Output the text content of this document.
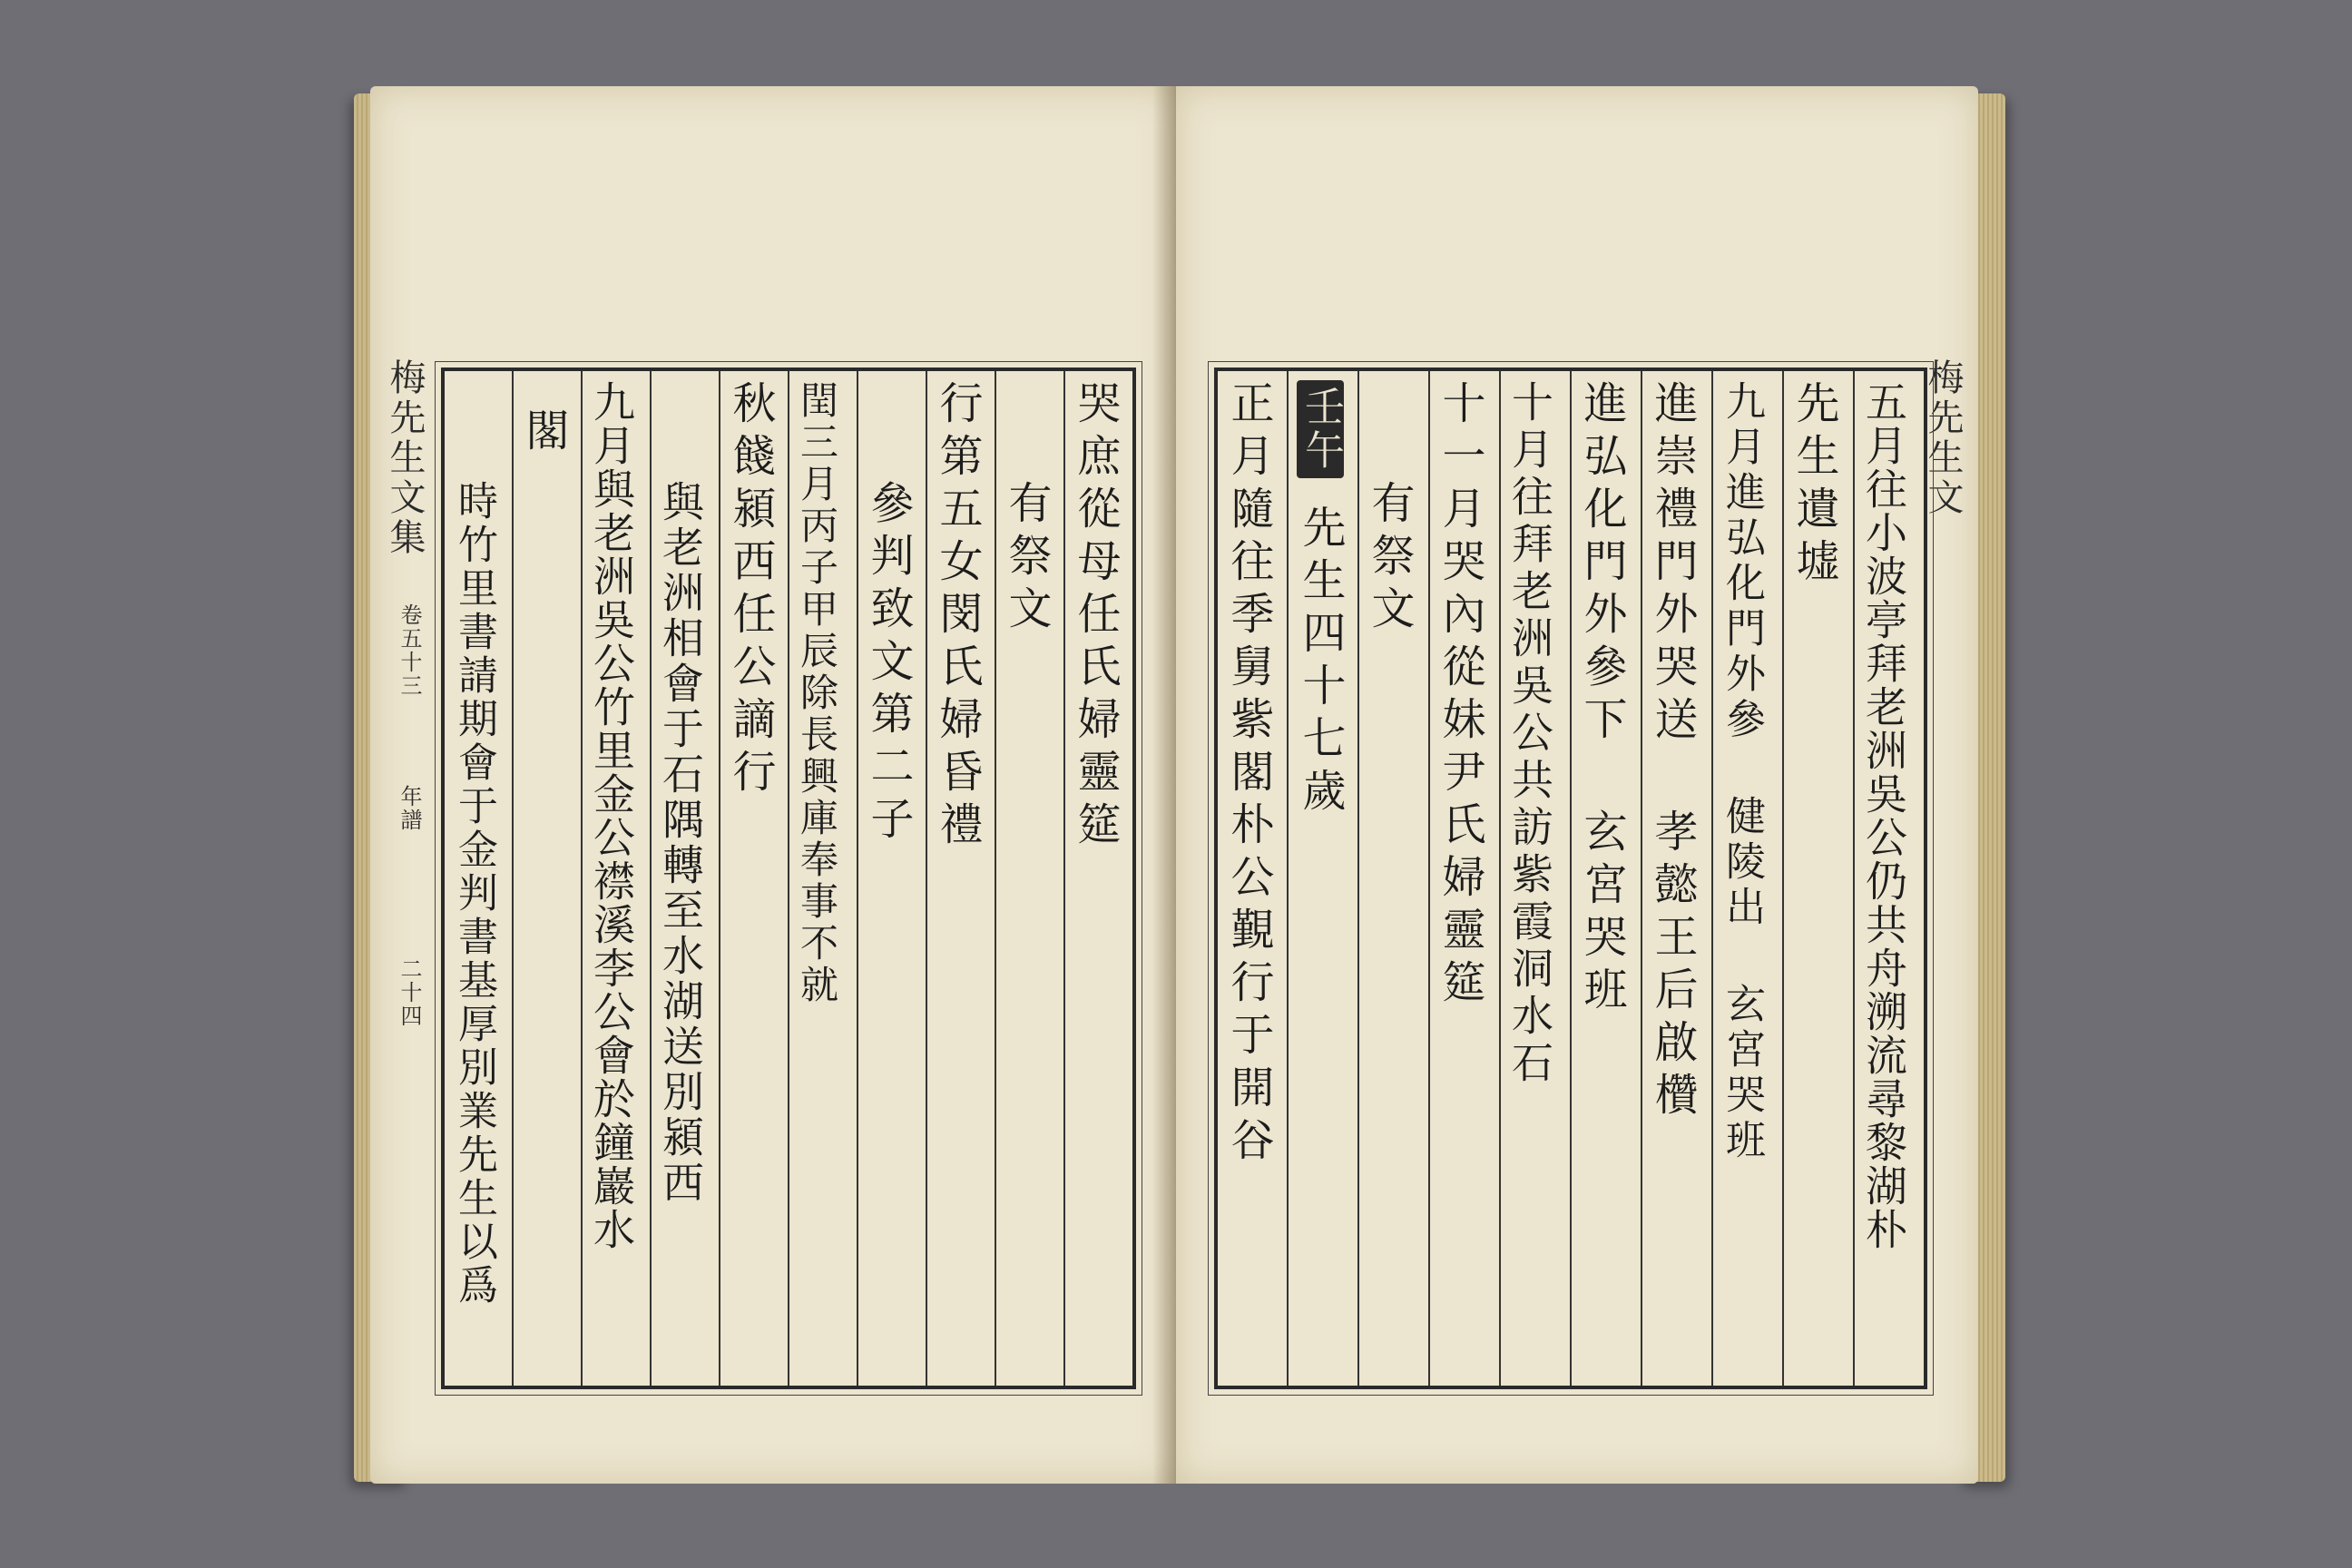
梅先生文集
卷五十三
年譜
二十四
哭庶從母任氏婦靈筵
有祭文
行第五女閔氏婦昏禮
參判致文第二子
閏三月丙子甲辰除長興庫奉事不就
秋餞潁西任公謫行
與老洲相會于石隅轉至水湖送別潁西
九月與老洲吳公竹里金公襟溪李公會於鐘巖水
閣
時竹里書請期會于金判書基厚別業先生以爲
梅先生文
五月往小波亭拜老洲吳公仍共舟溯流尋黎湖朴
先生遺墟
九月進弘化門外參 健陵出 玄宮哭班
進崇禮門外哭送 孝懿王后啟欑
進弘化門外參下 玄宮哭班
十月往拜老洲吳公共訪紫霞洞水石
十一月哭內從妹尹氏婦靈筵
有祭文
壬午 先生四十七歲
正月隨往季舅紫閣朴公覲行于開谷
